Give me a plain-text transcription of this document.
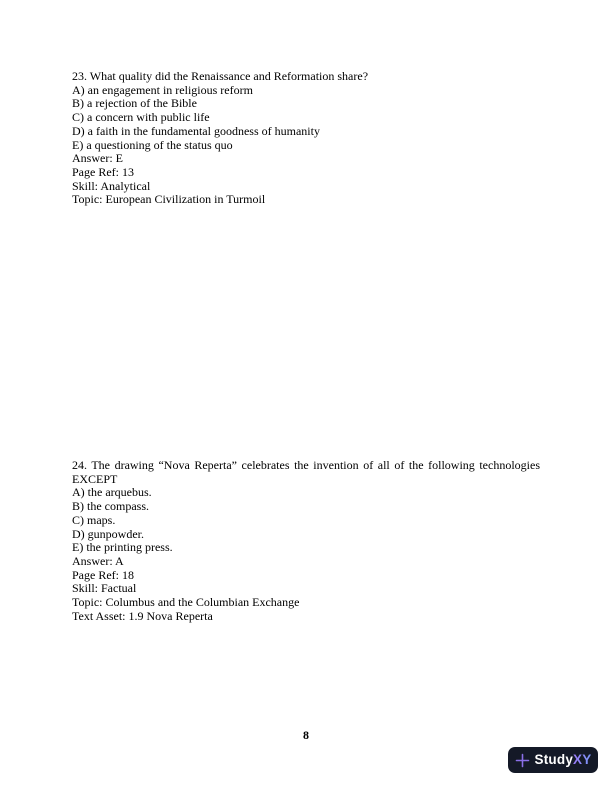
23. What quality did the Renaissance and Reformation share?
A) an engagement in religious reform
B) a rejection of the Bible
C) a concern with public life
D) a faith in the fundamental goodness of humanity
E) a questioning of the status quo
Answer: E
Page Ref: 13
Skill: Analytical
Topic: European Civilization in Turmoil
24. The drawing “Nova Reperta” celebrates the invention of all of the following technologies
EXCEPT
A) the arquebus.
B) the compass.
C) maps.
D) gunpowder.
E) the printing press.
Answer: A
Page Ref: 18
Skill: Factual
Topic: Columbus and the Columbian Exchange
Text Asset: 1.9 Nova Reperta
8
Study XY
